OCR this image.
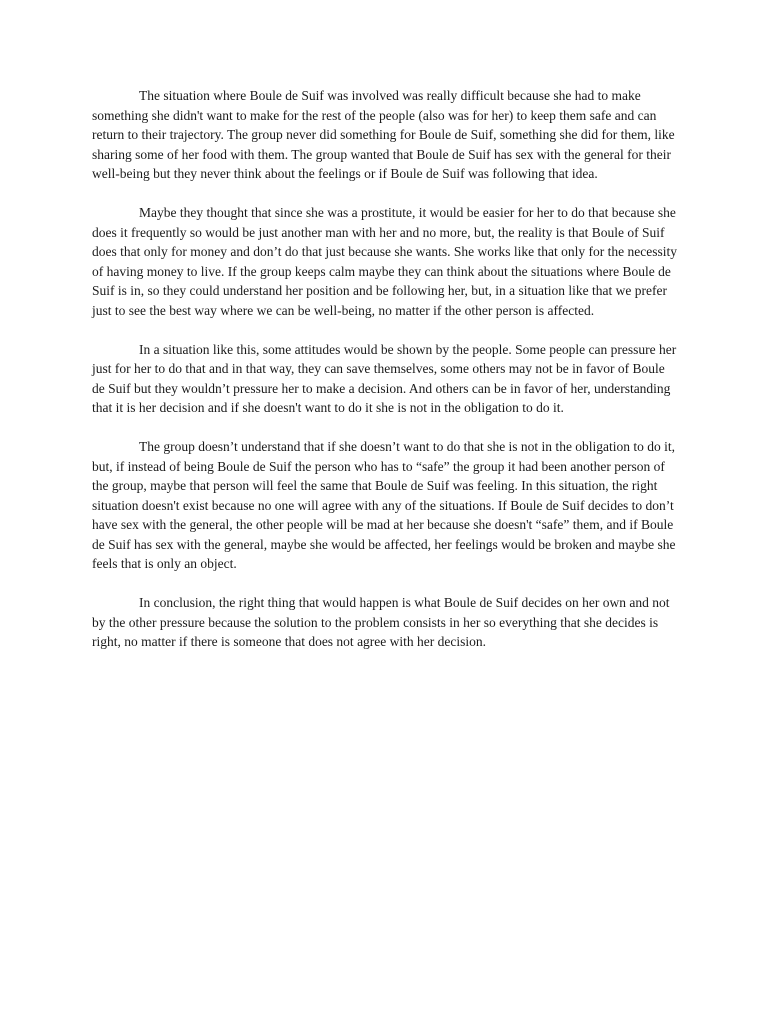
The situation where Boule de Suif was involved was really difficult because she had to make something she didn't want to make for the rest of the people (also was for her) to keep them safe and can return to their trajectory. The group never did something for Boule de Suif, something she did for them, like sharing some of her food with them. The group wanted that Boule de Suif has sex with the general for their well-being but they never think about the feelings or if Boule de Suif was following that idea.

Maybe they thought that since she was a prostitute, it would be easier for her to do that because she does it frequently so would be just another man with her and no more, but, the reality is that Boule of Suif does that only for money and don’t do that just because she wants. She works like that only for the necessity of having money to live. If the group keeps calm maybe they can think about the situations where Boule de Suif is in, so they could understand her position and be following her, but, in a situation like that we prefer just to see the best way where we can be well-being, no matter if the other person is affected.

In a situation like this, some attitudes would be shown by the people. Some people can pressure her just for her to do that and in that way, they can save themselves, some others may not be in favor of Boule de Suif but they wouldn’t pressure her to make a decision. And others can be in favor of her, understanding that it is her decision and if she doesn't want to do it she is not in the obligation to do it.

The group doesn’t understand that if she doesn’t want to do that she is not in the obligation to do it, but, if instead of being Boule de Suif the person who has to “safe” the group it had been another person of the group, maybe that person will feel the same that Boule de Suif was feeling. In this situation, the right situation doesn't exist because no one will agree with any of the situations. If Boule de Suif decides to don’t have sex with the general, the other people will be mad at her because she doesn't “safe” them, and if Boule de Suif has sex with the general, maybe she would be affected, her feelings would be broken and maybe she feels that is only an object.

In conclusion, the right thing that would happen is what Boule de Suif decides on her own and not by the other pressure because the solution to the problem consists in her so everything that she decides is right, no matter if there is someone that does not agree with her decision.
